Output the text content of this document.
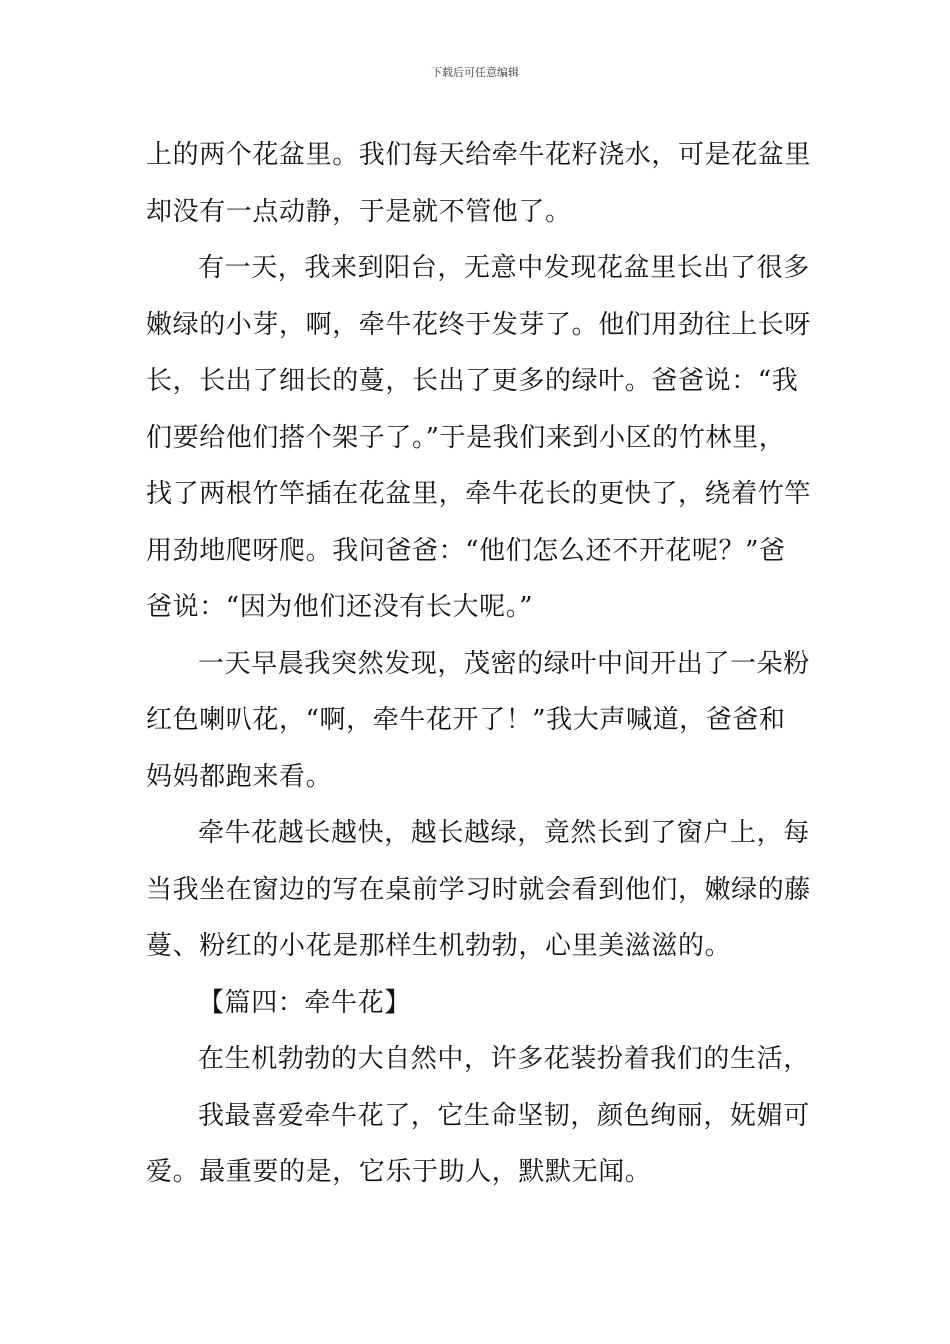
下载后可任意编辑

上的两个花盆里。我们每天给牵牛花籽浇水，可是花盆里
却没有一点动静，于是就不管他了。

有一天，我来到阳台，无意中发现花盆里长出了很多
嫩绿的小芽，啊，牵牛花终于发芽了。他们用劲往上长呀
长，长出了细长的蔓，长出了更多的绿叶。爸爸说：“我
们要给他们搭个架子了。”于是我们来到小区的竹林里，
找了两根竹竿插在花盆里，牵牛花长的更快了，绕着竹竿
用劲地爬呀爬。我问爸爸：“他们怎么还不开花呢？”爸
爸说：“因为他们还没有长大呢。”

一天早晨我突然发现，茂密的绿叶中间开出了一朵粉
红色喇叭花，“啊，牵牛花开了！”我大声喊道，爸爸和
妈妈都跑来看。

牵牛花越长越快，越长越绿，竟然长到了窗户上，每
当我坐在窗边的写在桌前学习时就会看到他们，嫩绿的藤
蔓、粉红的小花是那样生机勃勃，心里美滋滋的。

【篇四：牵牛花】

在生机勃勃的大自然中，许多花装扮着我们的生活，

我最喜爱牵牛花了，它生命坚韧，颜色绚丽，妩媚可
爱。最重要的是，它乐于助人，默默无闻。
